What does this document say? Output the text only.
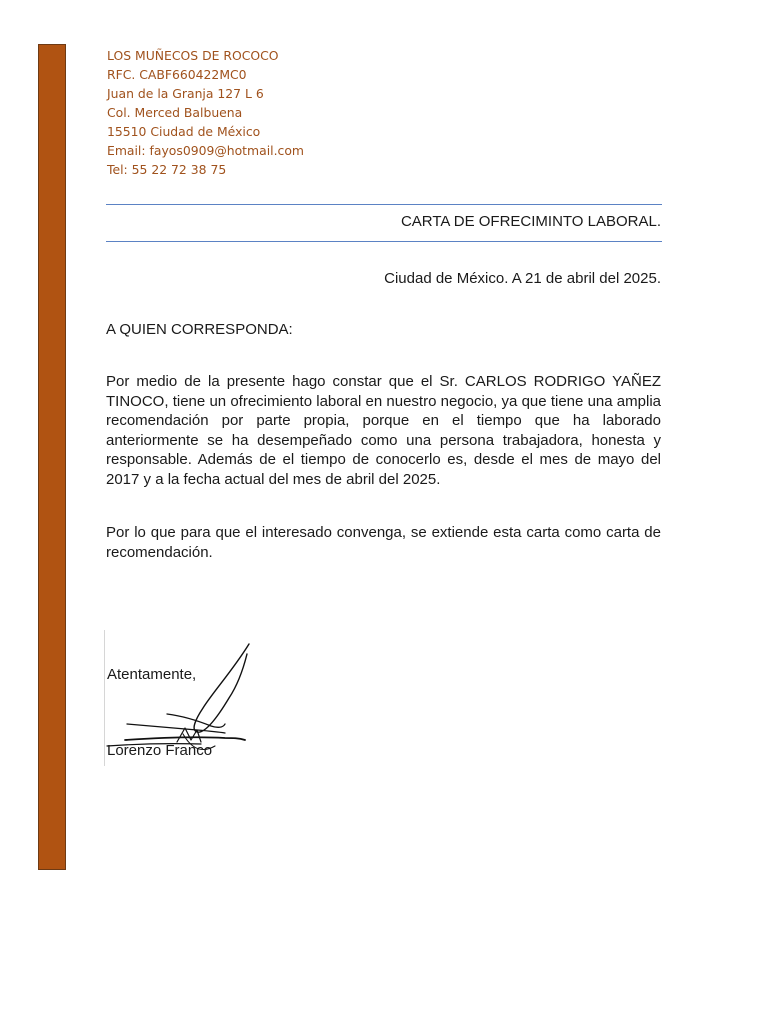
LOS MUÑECOS DE ROCOCO
RFC. CABF660422MC0
Juan de la Granja 127 L 6
Col. Merced Balbuena
15510 Ciudad de México
Email: fayos0909@hotmail.com
Tel: 55 22 72 38 75
CARTA DE OFRECIMINTO LABORAL.
Ciudad de México. A 21 de abril del 2025.
A QUIEN CORRESPONDA:
Por medio de la presente hago constar que el Sr. CARLOS RODRIGO YAÑEZ TINOCO, tiene un ofrecimiento laboral en nuestro negocio, ya que tiene una amplia recomendación por parte propia, porque en el tiempo que ha laborado anteriormente se ha desempeñado como una persona trabajadora, honesta y responsable. Además de el tiempo de conocerlo es, desde el mes de mayo del 2017 y a la fecha actual del mes de abril del 2025.
Por lo que para que el interesado convenga, se extiende esta carta como carta de recomendación.
Atentamente,
Lorenzo Franco
